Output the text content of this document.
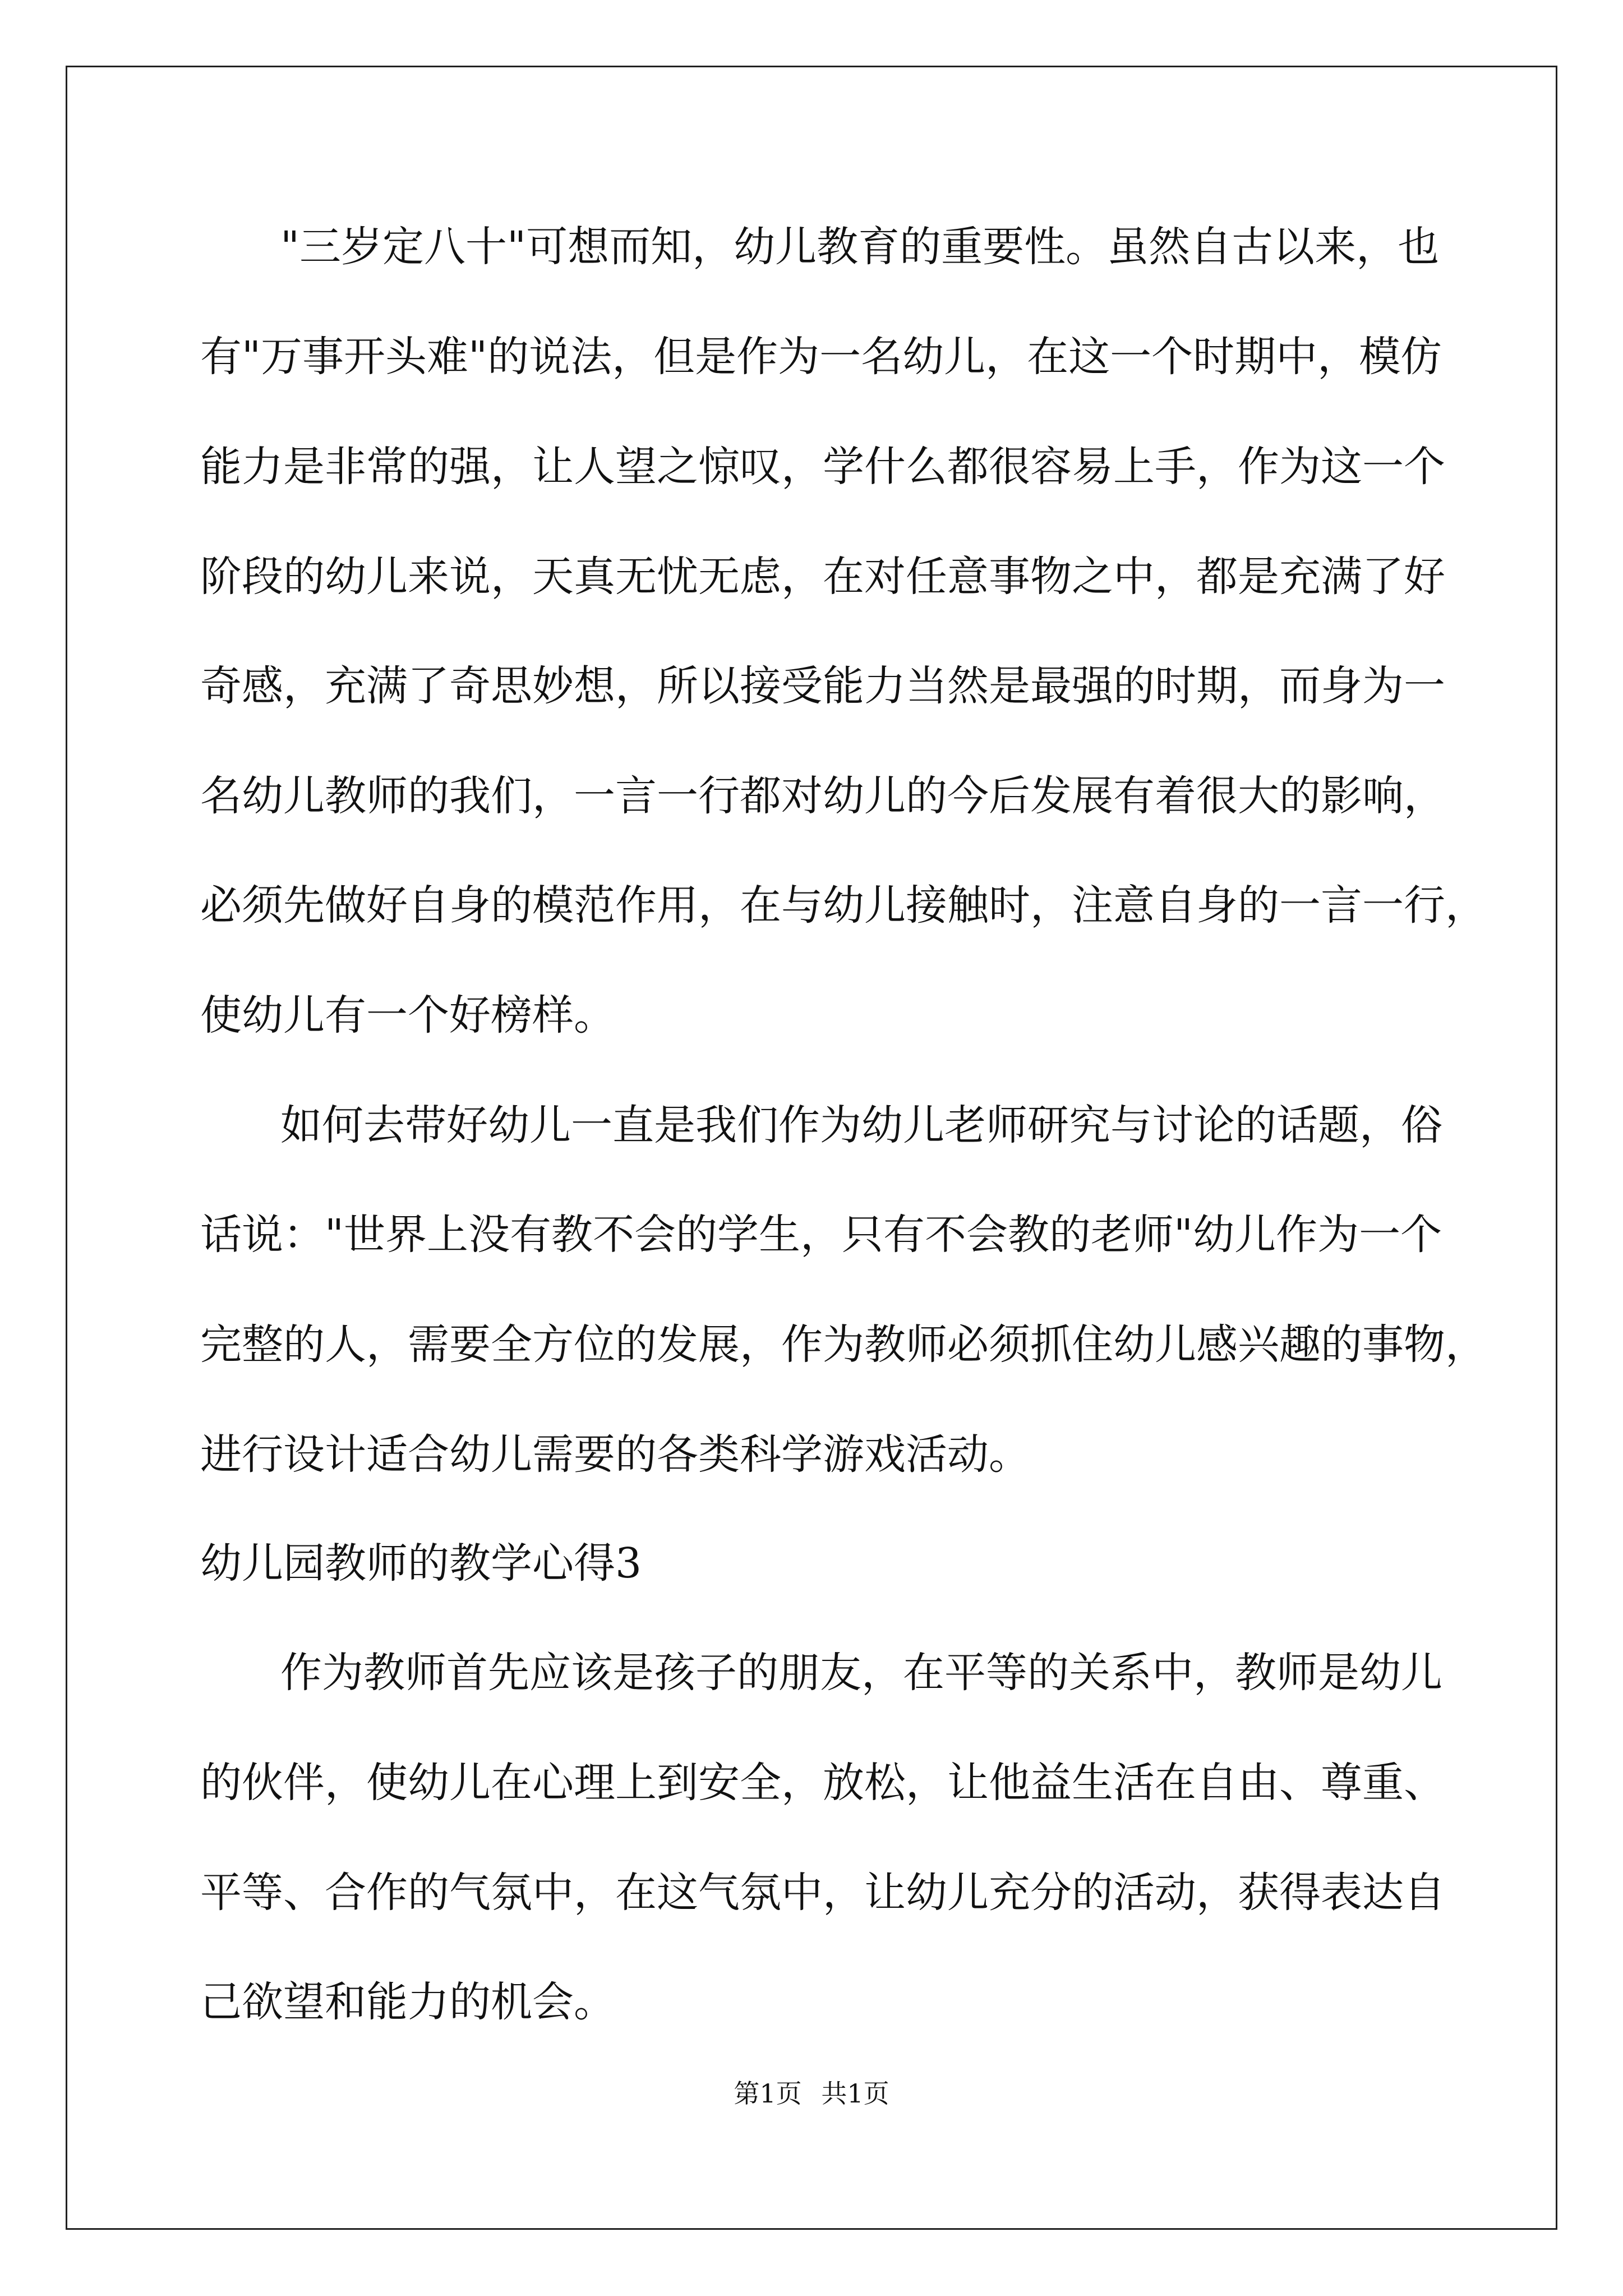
"三岁定八十"可想而知，幼儿教育的重要性。虽然自古以来，也
有"万事开头难"的说法，但是作为一名幼儿，在这一个时期中，模仿
能力是非常的强，让人望之惊叹，学什么都很容易上手，作为这一个
阶段的幼儿来说，天真无忧无虑，在对任意事物之中，都是充满了好
奇感，充满了奇思妙想，所以接受能力当然是最强的时期，而身为一
名幼儿教师的我们，一言一行都对幼儿的今后发展有着很大的影响，
必须先做好自身的模范作用，在与幼儿接触时，注意自身的一言一行，
使幼儿有一个好榜样。
如何去带好幼儿一直是我们作为幼儿老师研究与讨论的话题，俗
话说："世界上没有教不会的学生，只有不会教的老师"幼儿作为一个
完整的人，需要全方位的发展，作为教师必须抓住幼儿感兴趣的事物，
进行设计适合幼儿需要的各类科学游戏活动。
幼儿园教师的教学心得3
作为教师首先应该是孩子的朋友，在平等的关系中，教师是幼儿
的伙伴，使幼儿在心理上到安全，放松，让他益生活在自由、尊重、
平等、合作的气氛中，在这气氛中，让幼儿充分的活动，获得表达自
己欲望和能力的机会。
第1页 共1页
